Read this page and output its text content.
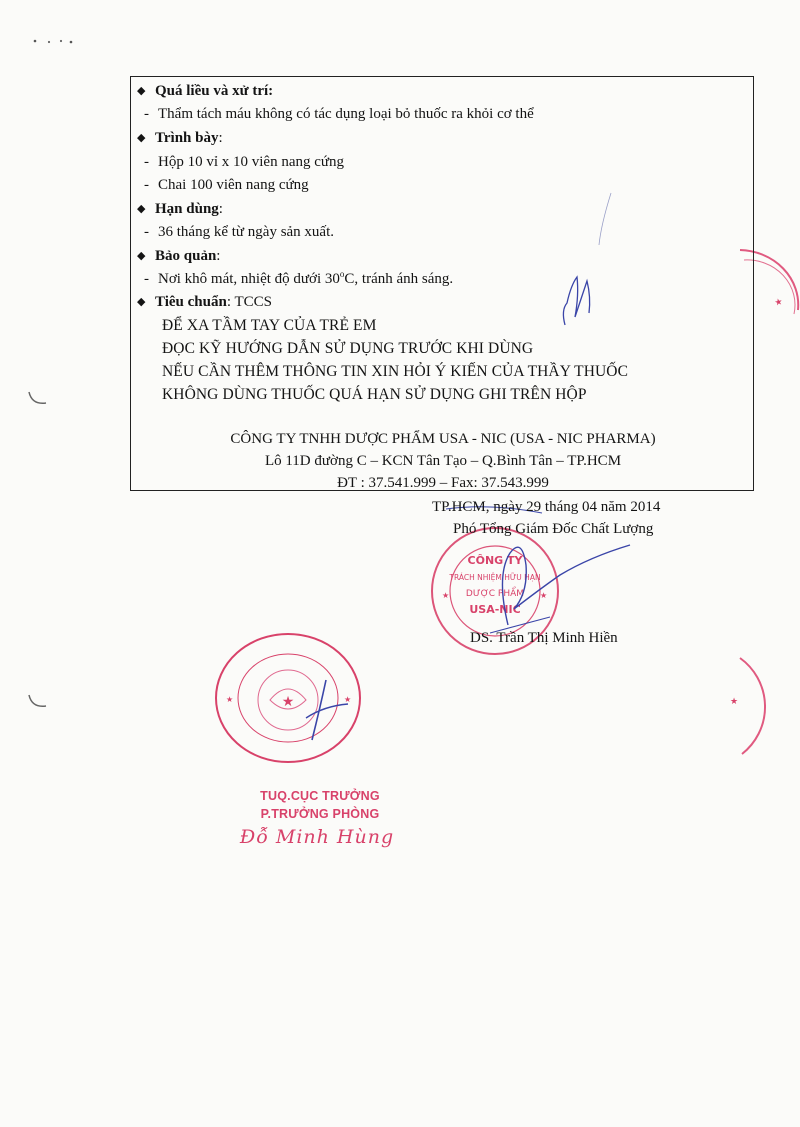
★
★
◆ Quá liều và xử trí:
- Thẩm tách máu không có tác dụng loại bỏ thuốc ra khỏi cơ thể
◆ Trình bày:
- Hộp 10 vỉ x 10 viên nang cứng
- Chai 100 viên nang cứng
◆ Hạn dùng:
- 36 tháng kể từ ngày sản xuất.
◆ Bảo quản:
- Nơi khô mát, nhiệt độ dưới 30$^o$C, tránh ánh sáng.
◆ Tiêu chuẩn: TCCS
ĐỂ XA TẦM TAY CỦA TRẺ EM
ĐỌC KỸ HƯỚNG DẪN SỬ DỤNG TRƯỚC KHI DÙNG
NẾU CẦN THÊM THÔNG TIN XIN HỎI Ý KIẾN CỦA THẦY THUỐC
KHÔNG DÙNG THUỐC QUÁ HẠN SỬ DỤNG GHI TRÊN HỘP
CÔNG TY TNHH DƯỢC PHẨM USA - NIC (USA - NIC PHARMA)
Lô 11D đường C – KCN Tân Tạo – Q.Bình Tân – TP.HCM
ĐT : 37.541.999 – Fax: 37.543.999
CÔNG TY
TRÁCH NHIỆM HỮU HẠN
DƯỢC PHẨM
USA-NIC
★	★
TP.HCM, ngày 29 tháng 04 năm 2014
Phó Tổng Giám Đốc Chất Lượng
DS. Trần Thị Minh Hiền
★
★	★
TUQ.CỤC TRƯỞNG
P.TRƯỞNG PHÒNG
Đỗ Minh Hùng
